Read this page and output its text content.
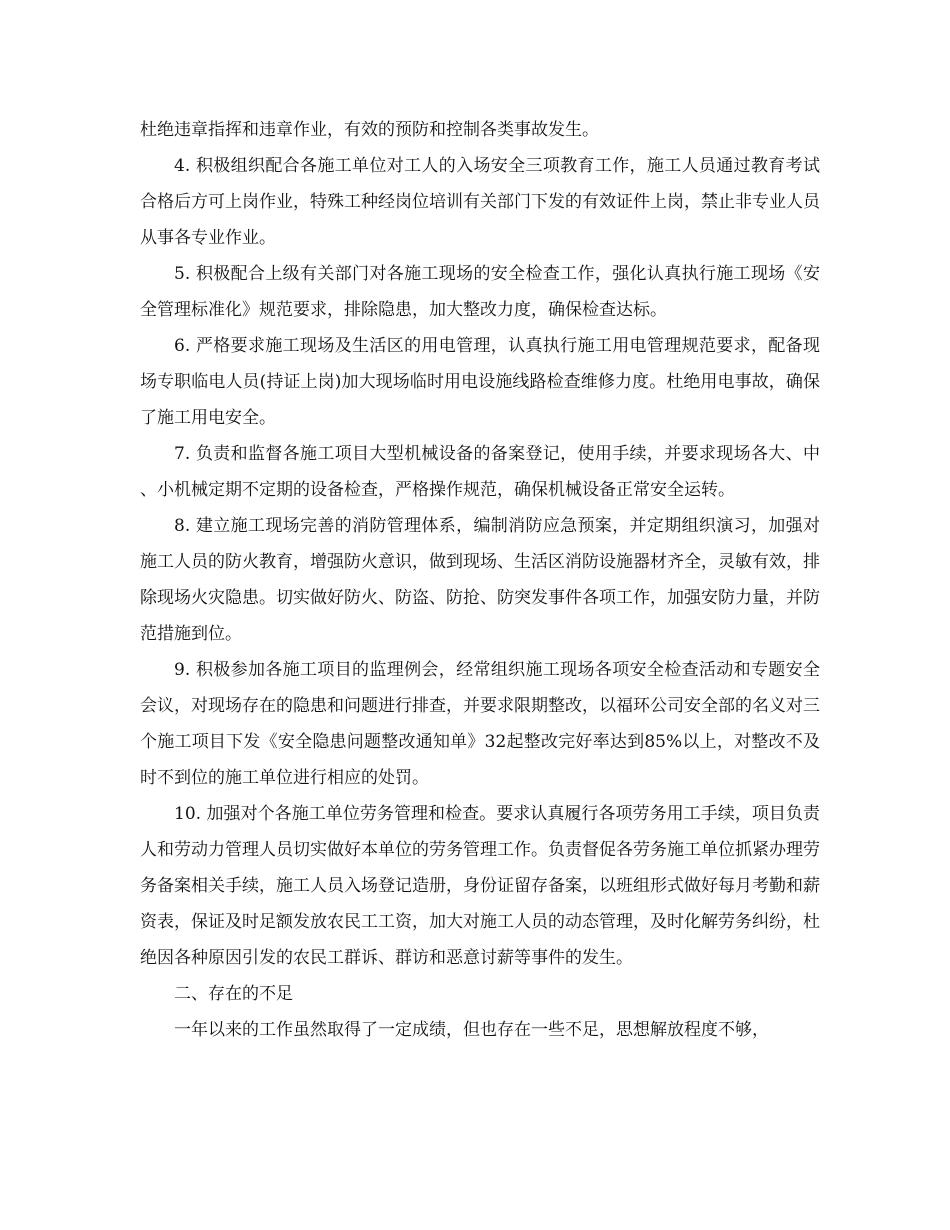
杜绝违章指挥和违章作业，有效的预防和控制各类事故发生。

4. 积极组织配合各施工单位对工人的入场安全三项教育工作，施工人员通过教育考试合格后方可上岗作业，特殊工种经岗位培训有关部门下发的有效证件上岗，禁止非专业人员从事各专业作业。

5. 积极配合上级有关部门对各施工现场的安全检查工作，强化认真执行施工现场《安全管理标准化》规范要求，排除隐患，加大整改力度，确保检查达标。

6. 严格要求施工现场及生活区的用电管理，认真执行施工用电管理规范要求，配备现场专职临电人员(持证上岗)加大现场临时用电设施线路检查维修力度。杜绝用电事故，确保了施工用电安全。

7. 负责和监督各施工项目大型机械设备的备案登记，使用手续，并要求现场各大、中、小机械定期不定期的设备检查，严格操作规范，确保机械设备正常安全运转。

8. 建立施工现场完善的消防管理体系，编制消防应急预案，并定期组织演习，加强对施工人员的防火教育，增强防火意识，做到现场、生活区消防设施器材齐全，灵敏有效，排除现场火灾隐患。切实做好防火、防盗、防抢、防突发事件各项工作，加强安防力量，并防范措施到位。

9. 积极参加各施工项目的监理例会，经常组织施工现场各项安全检查活动和专题安全会议，对现场存在的隐患和问题进行排查，并要求限期整改，以福环公司安全部的名义对三个施工项目下发《安全隐患问题整改通知单》32起整改完好率达到85%以上，对整改不及时不到位的施工单位进行相应的处罚。

10. 加强对个各施工单位劳务管理和检查。要求认真履行各项劳务用工手续，项目负责人和劳动力管理人员切实做好本单位的劳务管理工作。负责督促各劳务施工单位抓紧办理劳务备案相关手续，施工人员入场登记造册，身份证留存备案，以班组形式做好每月考勤和薪资表，保证及时足额发放农民工工资，加大对施工人员的动态管理，及时化解劳务纠纷，杜绝因各种原因引发的农民工群诉、群访和恶意讨薪等事件的发生。

二、存在的不足

一年以来的工作虽然取得了一定成绩，但也存在一些不足，思想解放程度不够，
